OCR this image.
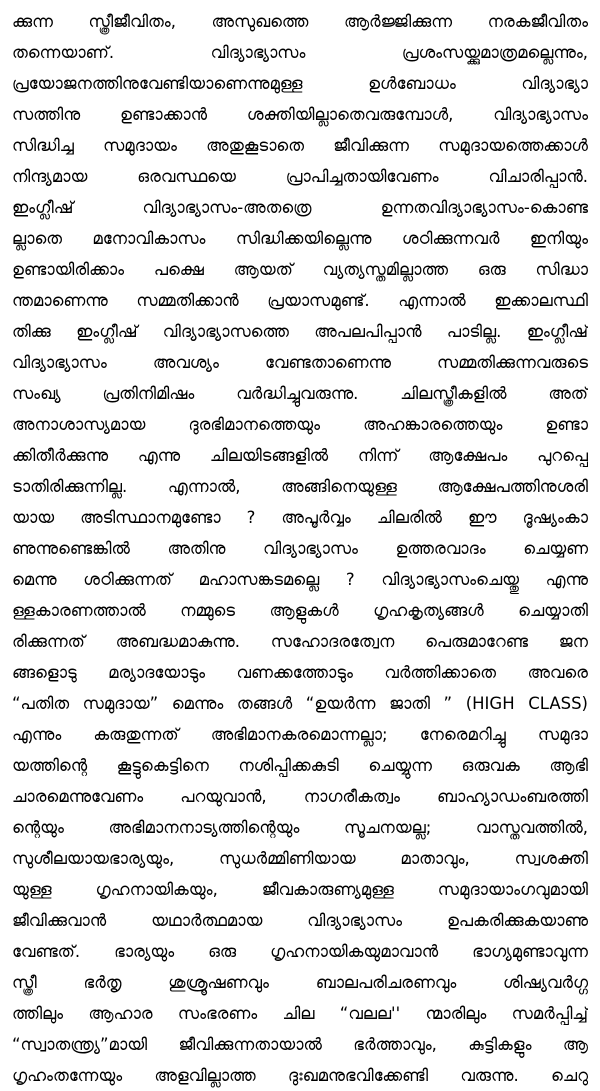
ക്കുന്ന സ്ത്രീജീവിതം, അസുഖത്തെ ആർജ്ജിക്കുന്ന നരകജീവിതം
തന്നെയാണ്. വിദ്യാഭ്യാസം പ്രശംസയ്ക്കുമാത്രമല്ലെന്നും,
പ്രയോജനത്തിനുവേണ്ടിയാണെന്നുമുള്ള ഉൾബോധം വിദ്യാഭ്യാ
സത്തിനു ഉണ്ടാക്കാൻ ശക്തിയില്ലാതെവരുമ്പോൾ, വിദ്യാഭ്യാസം
സിദ്ധിച്ച സമുദായം അതുകൂടാതെ ജീവിക്കുന്ന സമുദായത്തെക്കാൾ
നിന്ദ്യമായ ഒരവസ്ഥയെ പ്രാപിച്ചതായിവേണം വിചാരിപ്പാൻ.
ഇംഗ്ലീഷ് വിദ്യാഭ്യാസം-അതത്രെ ഉന്നതവിദ്യാഭ്യാസം-കൊണ്ട
ല്ലാതെ മനോവികാസം സിദ്ധിക്കയില്ലെന്നു ശഠിക്കുന്നവർ ഇനിയും
ഉണ്ടായിരിക്കാം പക്ഷെ ആയത് വ്യത്യസ്തമില്ലാത്ത ഒരു സിദ്ധാ
ന്തമാണെന്നു സമ്മതിക്കാൻ പ്രയാസമുണ്ട്. എന്നാൽ ഇക്കാലസ്ഥി
തിക്കു ഇംഗ്ലീഷ് വിദ്യാഭ്യാസത്തെ അപലപിപ്പാൻ പാടില്ല. ഇംഗ്ലീഷ്
വിദ്യാഭ്യാസം അവശ്യം വേണ്ടതാണെന്നു സമ്മതിക്കുന്നവരുടെ
സംഖ്യ പ്രതിനിമിഷം വർദ്ധിച്ചുവരുന്നു. ചിലസ്ത്രീകളിൽ അത്
അനാശാസ്യമായ ദുരഭിമാനത്തെയും അഹങ്കാരത്തെയും ഉണ്ടാ
ക്കിതീർക്കുന്നു എന്നു ചിലയിടങ്ങളിൽ നിന്ന് ആക്ഷേപം പുറപ്പെ
ടാതിരിക്കുന്നില്ല. എന്നാൽ, അങ്ങിനെയുള്ള ആക്ഷേപത്തിനുശരി
യായ അടിസ്ഥാനമുണ്ടോ ? അപൂർവ്വം ചിലരിൽ ഈ ദൂഷ്യംകാ
ണുന്നുണ്ടെങ്കിൽ അതിനു വിദ്യാഭ്യാസം ഉത്തരവാദം ചെയ്യണ
മെന്നു ശഠിക്കുന്നത് മഹാസങ്കടമല്ലെ ? വിദ്യാഭ്യാസംചെയ്തു എന്നു
ള്ളകാരണത്താൽ നമ്മുടെ ആളുകൾ ഗൃഹകൃത്യങ്ങൾ ചെയ്യാതി
രിക്കുന്നത് അബദ്ധമാകുന്നു. സഹോദരത്വേന പെരുമാറേണ്ട ജന
ങ്ങളൊടു മര്യാദയോടും വണക്കത്തോടും വർത്തിക്കാതെ അവരെ
“പതിത സമുദായ” മെന്നും തങ്ങൾ “ഉയർന്ന ജാതി ” (HIGH CLASS)
എന്നും കരുതുന്നത് അഭിമാനകരമൊന്നല്ലാ; നേരെമറിച്ചു സമുദാ
യത്തിന്റെ കൂട്ടുകെട്ടിനെ നശിപ്പിക്കകുടി ചെയ്യുന്ന ഒരുവക ആഭി
ചാരമെന്നുവേണം പറയുവാൻ, നാഗരീകത്വം ബാഹ്യാഡംബരത്തി
ന്റെയും അഭിമാനനാട്യത്തിന്റെയും സൂചനയല്ല; വാസ്തവത്തിൽ,
സുശീലയായഭാര്യയും, സുധർമ്മിണിയായ മാതാവും, സ്വശക്തി
യുള്ള ഗൃഹനായികയും, ജീവകാരുണ്യമുള്ള സമുദായാംഗവുമായി
ജീവിക്കുവാൻ യഥാർത്ഥമായ വിദ്യാഭ്യാസം ഉപകരിക്കുകയാണു
വേണ്ടത്. ഭാര്യയും ഒരു ഗൃഹനായികയുമാവാൻ ഭാഗ്യമുണ്ടാവുന്ന
സ്ത്രീ ഭർതൃ ശുശ്രൂഷണവും ബാലപരിചരണവും ശിഷ്യവർഗ്ഗ
ത്തിലും ആഹാര സംഭരണം ചില “വലല'' ന്മാരിലും സമർപ്പിച്ച്
“സ്വാതന്ത്ര്യ”മായി ജീവിക്കുന്നതായാൽ ഭർത്താവും, കുട്ടികളും ആ
ഗൃഹംതന്നേയും അളവില്ലാത്ത ദുഃഖമനുഭവിക്കേണ്ടി വരുന്നു. ചെറു
